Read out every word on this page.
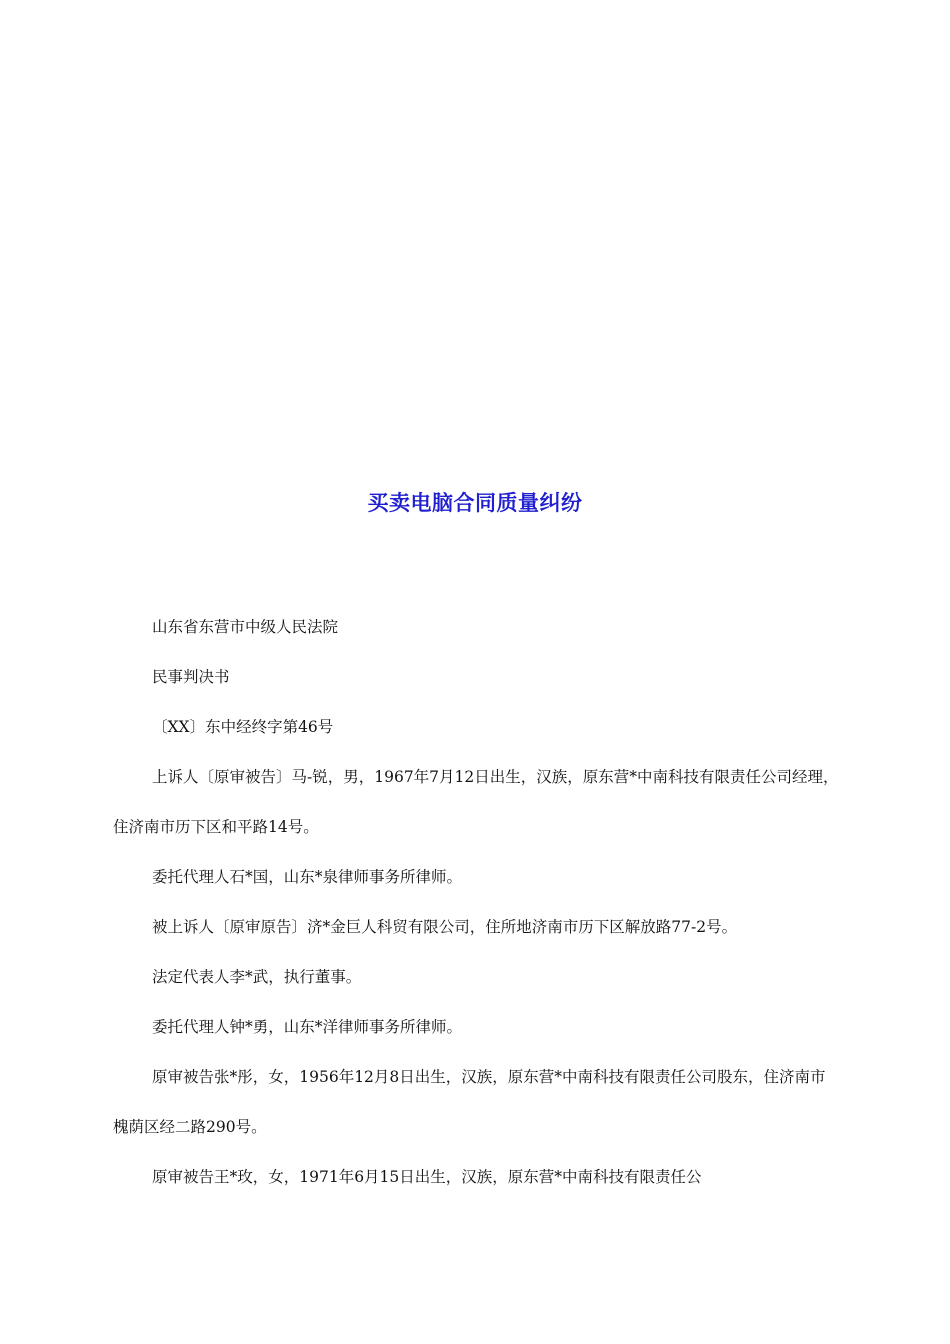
买卖电脑合同质量纠纷

山东省东营市中级人民法院

民事判决书

〔XX〕东中经终字第46号

上诉人〔原审被告〕马-锐，男，1967年7月12日出生，汉族，原东营*中南科技有限责任公司经理，住济南市历下区和平路14号。

委托代理人石*国，山东*泉律师事务所律师。

被上诉人〔原审原告〕济*金巨人科贸有限公司，住所地济南市历下区解放路77-2号。

法定代表人李*武，执行董事。

委托代理人钟*勇，山东*洋律师事务所律师。

原审被告张*彤，女，1956年12月8日出生，汉族，原东营*中南科技有限责任公司股东，住济南市槐荫区经二路290号。

原审被告王*玫，女，1971年6月15日出生，汉族，原东营*中南科技有限责任公
